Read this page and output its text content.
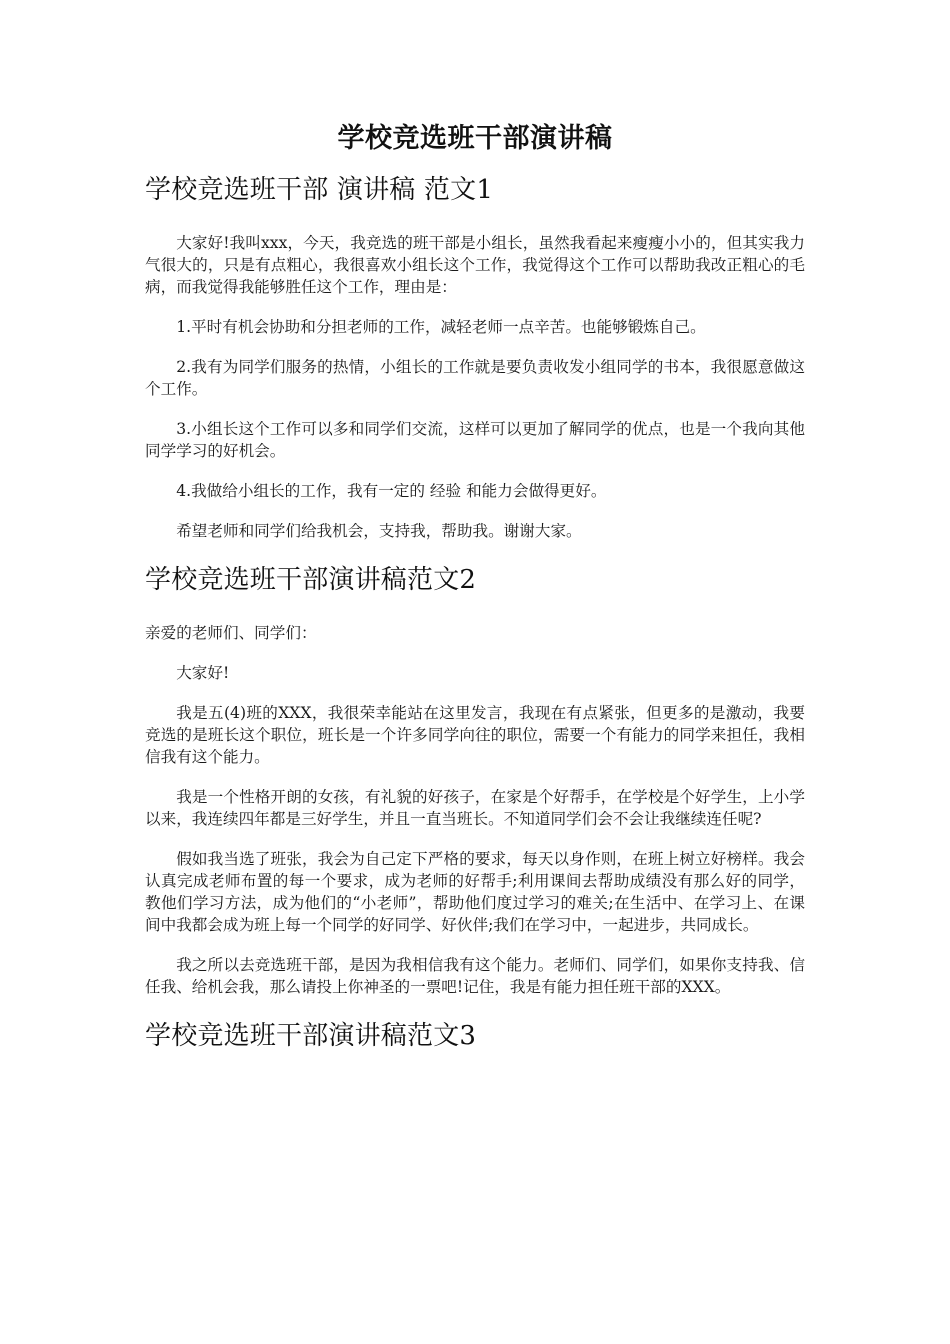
学校竞选班干部演讲稿
学校竞选班干部 演讲稿 范文1

大家好!我叫xxx，今天，我竞选的班干部是小组长，虽然我看起来瘦瘦小小的，但其实我力气很大的，只是有点粗心，我很喜欢小组长这个工作，我觉得这个工作可以帮助我改正粗心的毛病，而我觉得我能够胜任这个工作，理由是：

1.平时有机会协助和分担老师的工作，减轻老师一点辛苦。也能够锻炼自己。

2.我有为同学们服务的热情，小组长的工作就是要负责收发小组同学的书本，我很愿意做这个工作。

3.小组长这个工作可以多和同学们交流，这样可以更加了解同学的优点，也是一个我向其他同学学习的好机会。

4.我做给小组长的工作，我有一定的 经验 和能力会做得更好。

希望老师和同学们给我机会，支持我，帮助我。谢谢大家。

学校竞选班干部演讲稿范文2

亲爱的老师们、同学们：

大家好!

我是五(4)班的XXX，我很荣幸能站在这里发言，我现在有点紧张，但更多的是激动，我要竞选的是班长这个职位，班长是一个许多同学向往的职位，需要一个有能力的同学来担任，我相信我有这个能力。

我是一个性格开朗的女孩，有礼貌的好孩子，在家是个好帮手，在学校是个好学生，上小学以来，我连续四年都是三好学生，并且一直当班长。不知道同学们会不会让我继续连任呢?

假如我当选了班张，我会为自己定下严格的要求，每天以身作则，在班上树立好榜样。我会认真完成老师布置的每一个要求，成为老师的好帮手;利用课间去帮助成绩没有那么好的同学，教他们学习方法，成为他们的“小老师”，帮助他们度过学习的难关;在生活中、在学习上、在课间中我都会成为班上每一个同学的好同学、好伙伴;我们在学习中，一起进步，共同成长。

我之所以去竞选班干部，是因为我相信我有这个能力。老师们、同学们，如果你支持我、信任我、给机会我，那么请投上你神圣的一票吧!记住，我是有能力担任班干部的XXX。

学校竞选班干部演讲稿范文3
